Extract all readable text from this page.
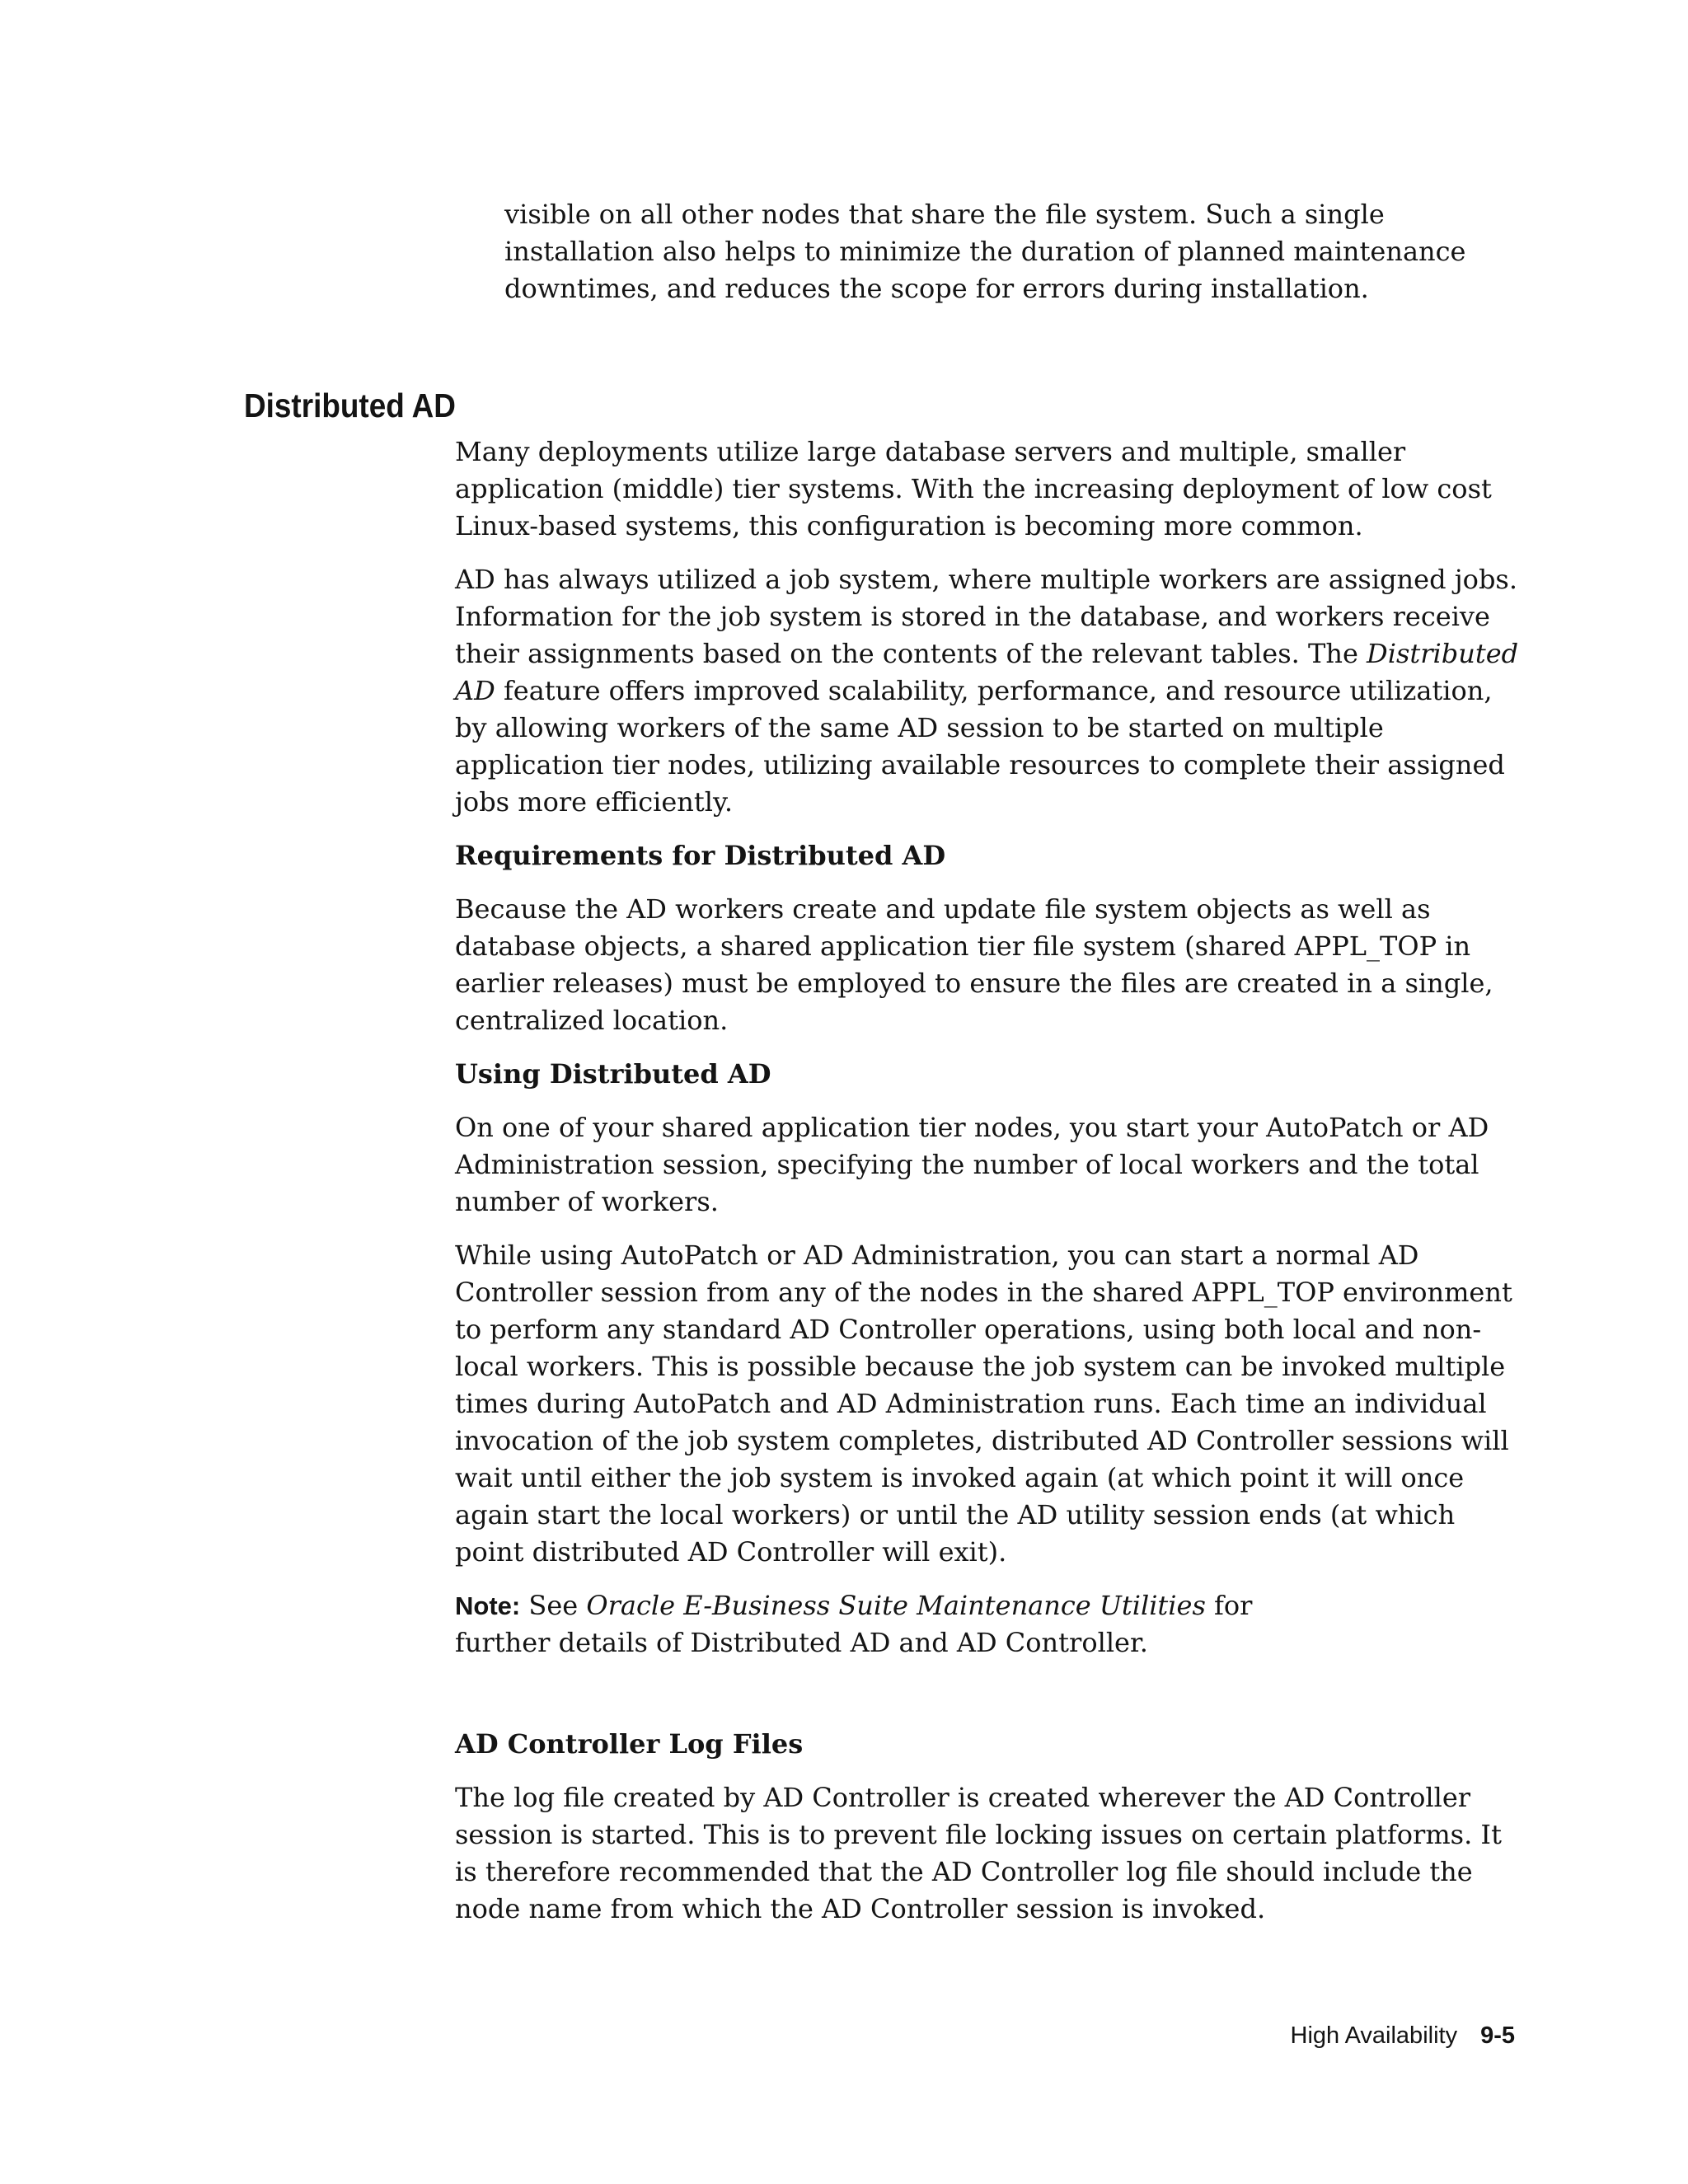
visible on all other nodes that share the file system. Such a single installation also helps to minimize the duration of planned maintenance downtimes, and reduces the scope for errors during installation.

Distributed AD

Many deployments utilize large database servers and multiple, smaller application (middle) tier systems. With the increasing deployment of low cost Linux-based systems, this configuration is becoming more common.

AD has always utilized a job system, where multiple workers are assigned jobs. Information for the job system is stored in the database, and workers receive their assignments based on the contents of the relevant tables. The Distributed AD feature offers improved scalability, performance, and resource utilization, by allowing workers of the same AD session to be started on multiple application tier nodes, utilizing available resources to complete their assigned jobs more efficiently.

Requirements for Distributed AD

Because the AD workers create and update file system objects as well as database objects, a shared application tier file system (shared APPL_TOP in earlier releases) must be employed to ensure the files are created in a single, centralized location.

Using Distributed AD

On one of your shared application tier nodes, you start your AutoPatch or AD Administration session, specifying the number of local workers and the total number of workers.

While using AutoPatch or AD Administration, you can start a normal AD Controller session from any of the nodes in the shared APPL_TOP environment to perform any standard AD Controller operations, using both local and non-local workers. This is possible because the job system can be invoked multiple times during AutoPatch and AD Administration runs. Each time an individual invocation of the job system completes, distributed AD Controller sessions will wait until either the job system is invoked again (at which point it will once again start the local workers) or until the AD utility session ends (at which point distributed AD Controller will exit).

Note: See Oracle E-Business Suite Maintenance Utilities for further details of Distributed AD and AD Controller.

AD Controller Log Files

The log file created by AD Controller is created wherever the AD Controller session is started. This is to prevent file locking issues on certain platforms. It is therefore recommended that the AD Controller log file should include the node name from which the AD Controller session is invoked.

High Availability 9-5
